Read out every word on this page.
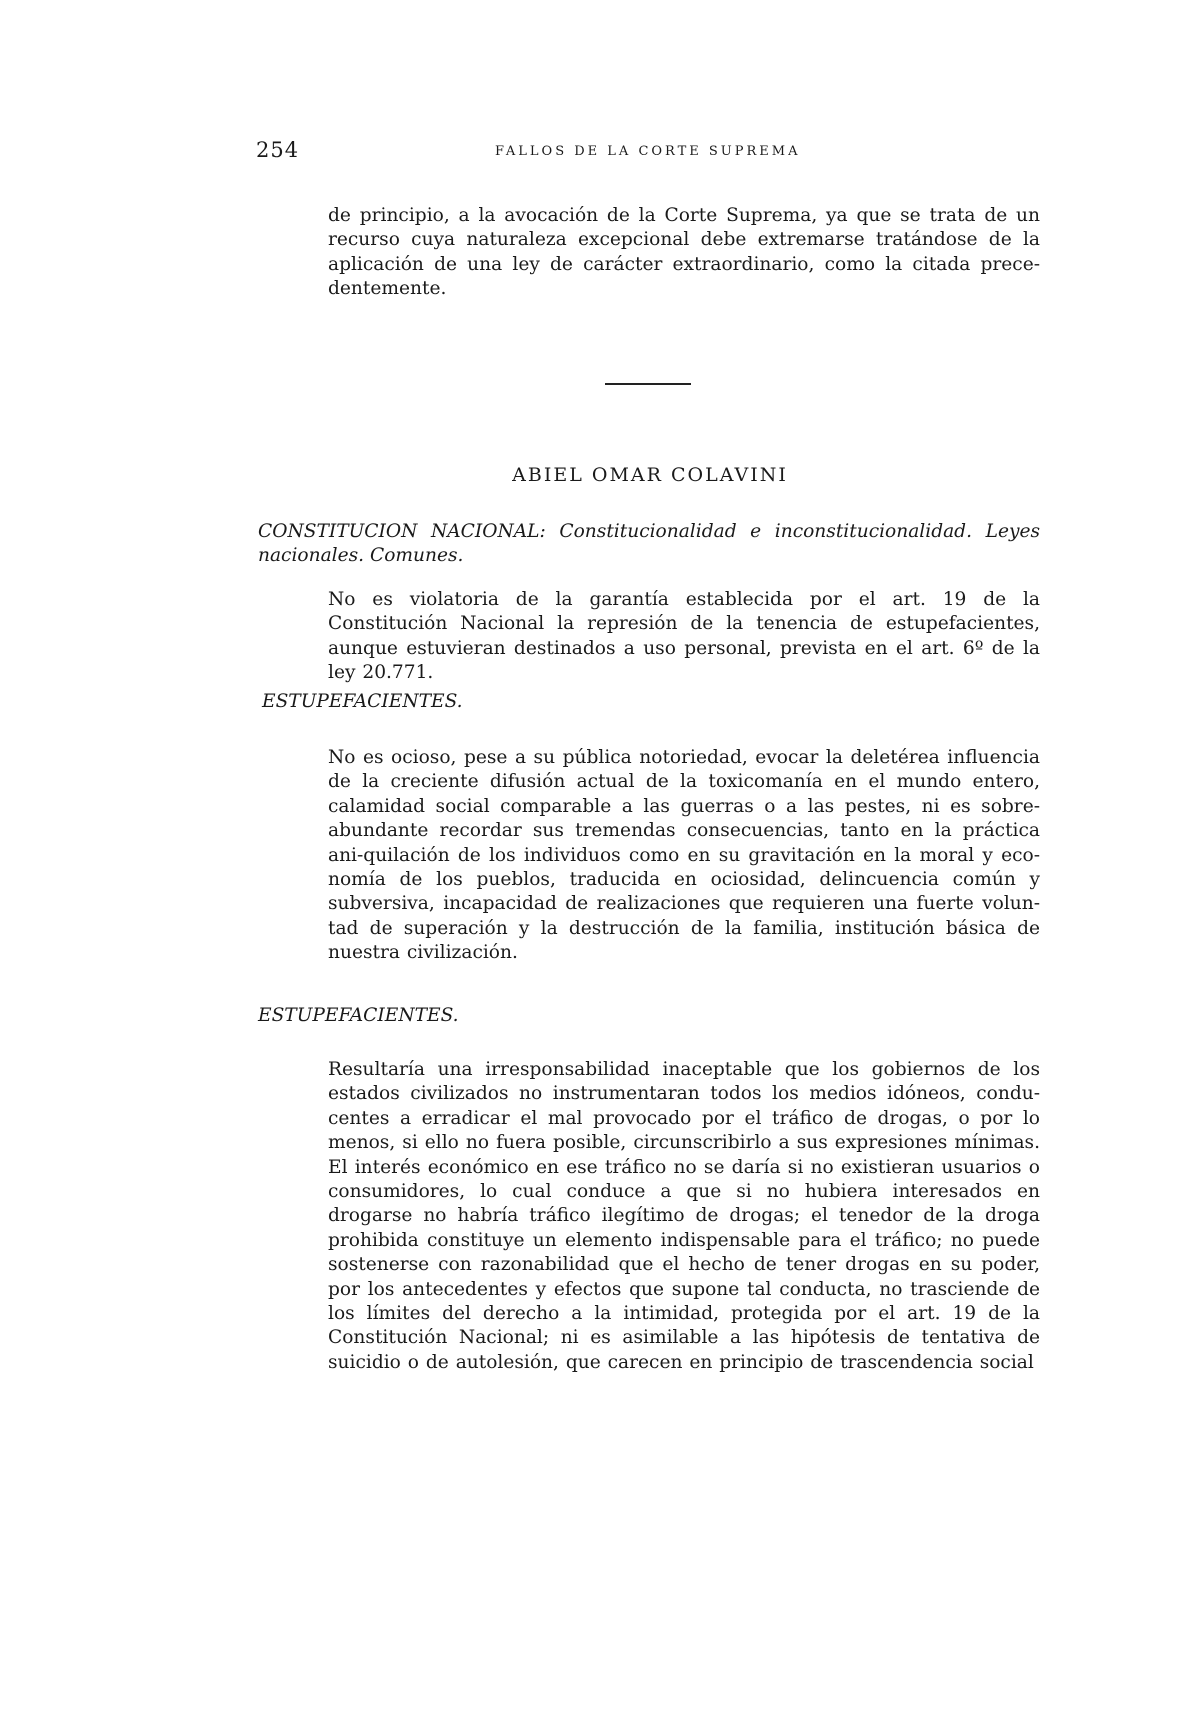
254	FALLOS DE LA CORTE SUPREMA

de principio, a la avocación de la Corte Suprema, ya que se trata de un recurso cuya naturaleza excepcional debe extremarse tratándose de la aplicación de una ley de carácter extraordinario, como la citada prece-dentemente.

ABIEL OMAR COLAVINI

CONSTITUCION NACIONAL: Constitucionalidad e inconstitucionalidad. Leyes nacionales. Comunes.

No es violatoria de la garantía establecida por el art. 19 de la Constitución Nacional la represión de la tenencia de estupefacientes, aunque estuvieran destinados a uso personal, prevista en el art. 6º de la ley 20.771.

ESTUPEFACIENTES.

No es ocioso, pese a su pública notoriedad, evocar la deletérea influencia de la creciente difusión actual de la toxicomanía en el mundo entero, calamidad social comparable a las guerras o a las pestes, ni es sobre-abundante recordar sus tremendas consecuencias, tanto en la práctica ani-quilación de los individuos como en su gravitación en la moral y eco-nomía de los pueblos, traducida en ociosidad, delincuencia común y subversiva, incapacidad de realizaciones que requieren una fuerte volun-tad de superación y la destrucción de la familia, institución básica de nuestra civilización.

ESTUPEFACIENTES.

Resultaría una irresponsabilidad inaceptable que los gobiernos de los estados civilizados no instrumentaran todos los medios idóneos, condu-centes a erradicar el mal provocado por el tráfico de drogas, o por lo menos, si ello no fuera posible, circunscribirlo a sus expresiones mínimas. El interés económico en ese tráfico no se daría si no existieran usuarios o consumidores, lo cual conduce a que si no hubiera interesados en drogarse no habría tráfico ilegítimo de drogas; el tenedor de la droga prohibida constituye un elemento indispensable para el tráfico; no puede sostenerse con razonabilidad que el hecho de tener drogas en su poder, por los antecedentes y efectos que supone tal conducta, no trasciende de los límites del derecho a la intimidad, protegida por el art. 19 de la Constitución Nacional; ni es asimilable a las hipótesis de tentativa de suicidio o de autolesión, que carecen en principio de trascendencia social
